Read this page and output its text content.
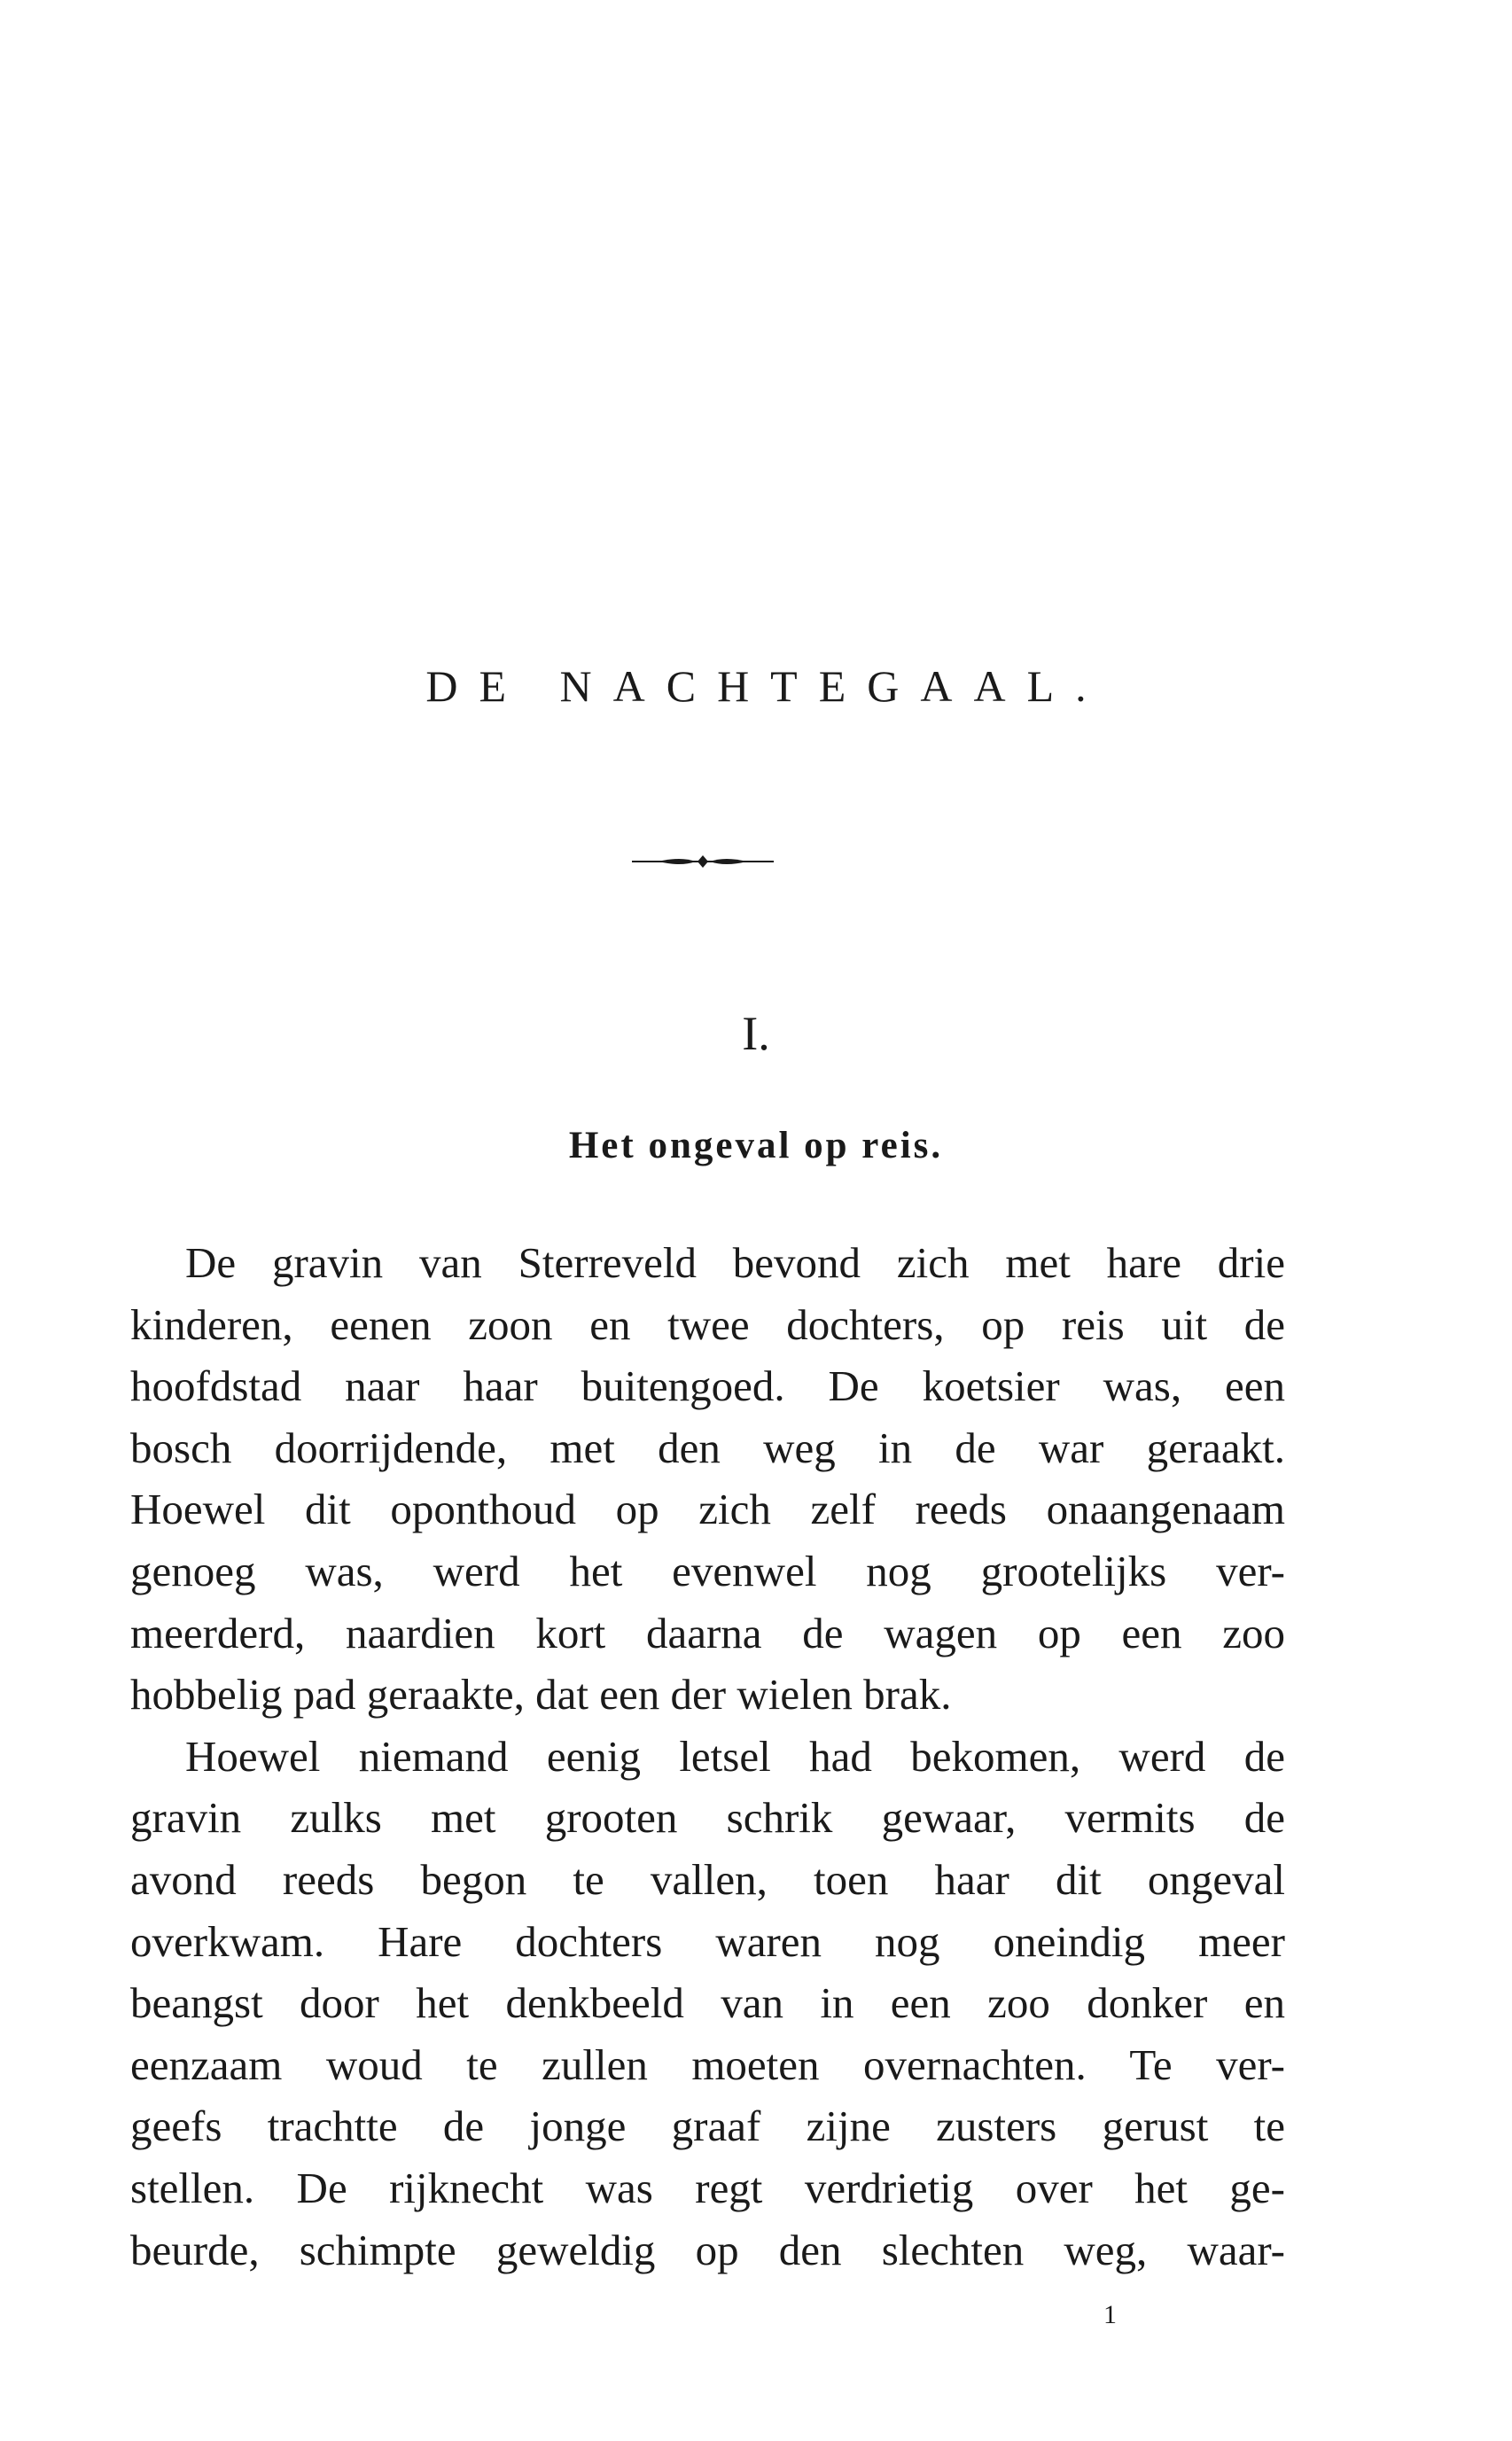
DE NACHTEGAAL.
I.
Het ongeval op reis.
De gravin van Sterreveld bevond zich met hare drie
kinderen, eenen zoon en twee dochters, op reis uit de
hoofdstad naar haar buitengoed. De koetsier was, een
bosch doorrijdende, met den weg in de war geraakt.
Hoewel dit oponthoud op zich zelf reeds onaangenaam
genoeg was, werd het evenwel nog grootelijks ver-
meerderd, naardien kort daarna de wagen op een zoo
hobbelig pad geraakte, dat een der wielen brak.
Hoewel niemand eenig letsel had bekomen, werd de
gravin zulks met grooten schrik gewaar, vermits de
avond reeds begon te vallen, toen haar dit ongeval
overkwam. Hare dochters waren nog oneindig meer
beangst door het denkbeeld van in een zoo donker en
eenzaam woud te zullen moeten overnachten. Te ver-
geefs trachtte de jonge graaf zijne zusters gerust te
stellen. De rijknecht was regt verdrietig over het ge-
beurde, schimpte geweldig op den slechten weg, waar-
1
